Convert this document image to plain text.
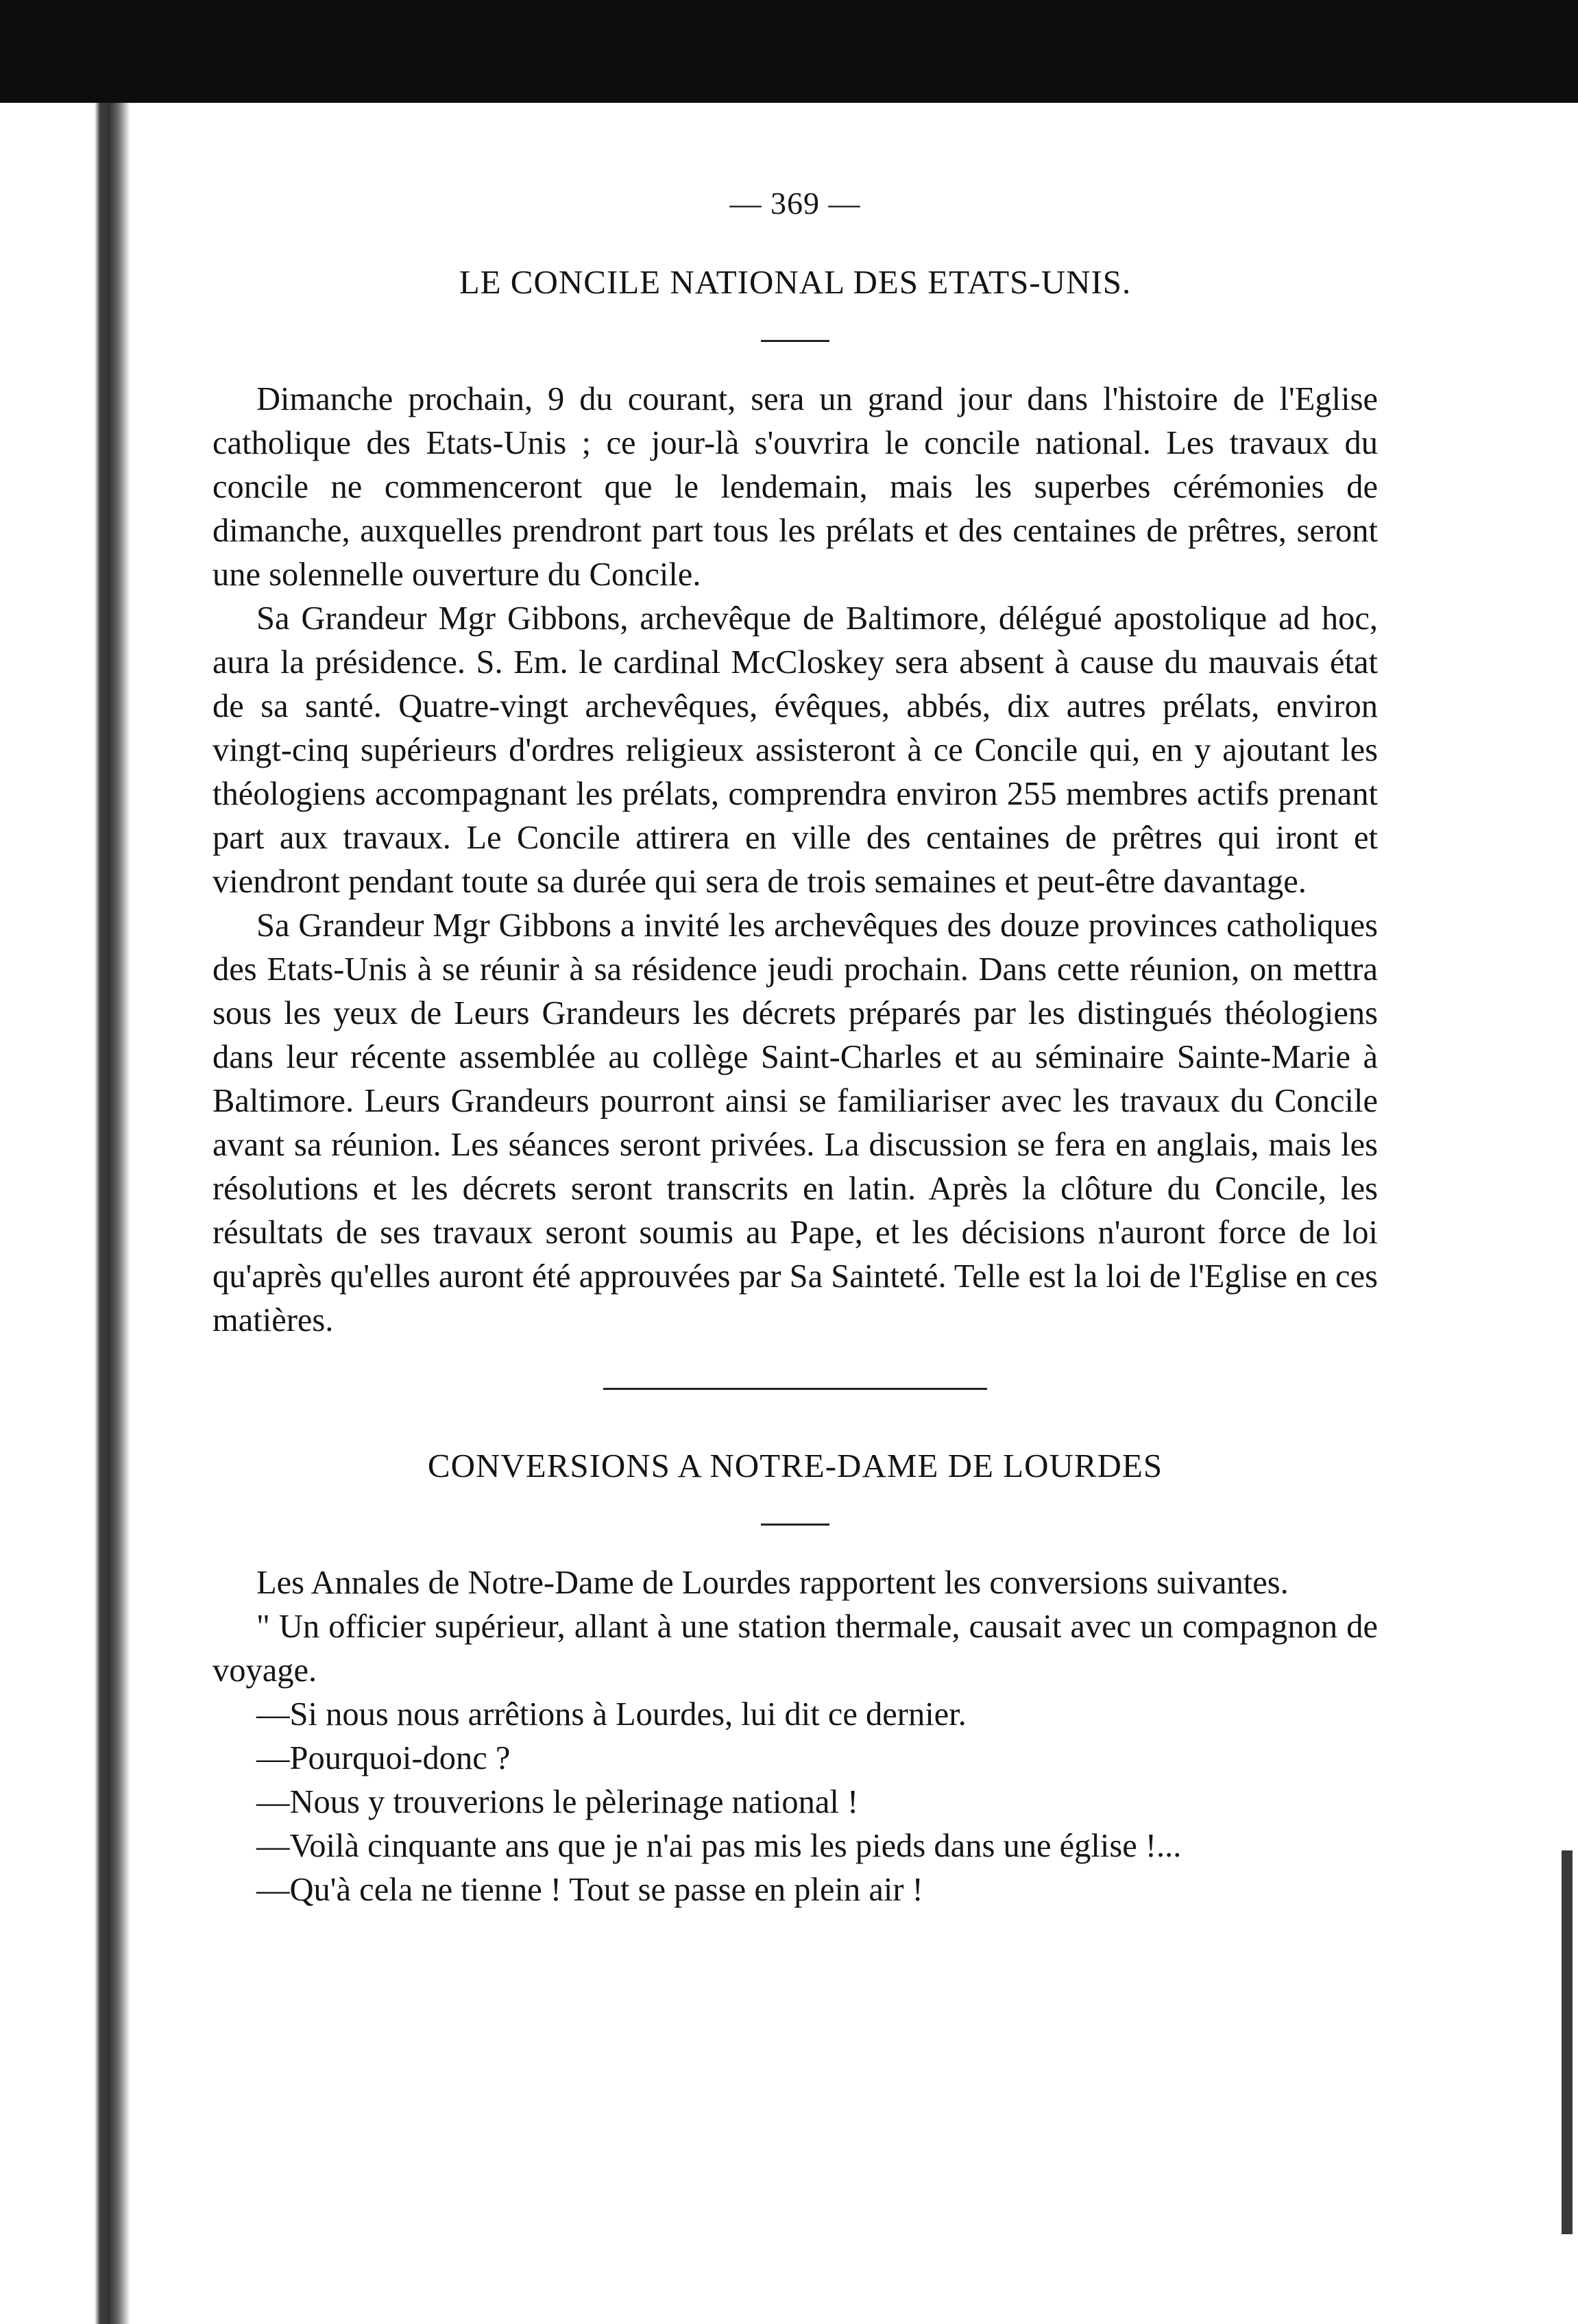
— 369 —
LE CONCILE NATIONAL DES ETATS-UNIS.

Dimanche prochain, 9 du courant, sera un grand jour dans l'histoire de l'Eglise catholique des Etats-Unis ; ce jour-là s'ouvrira le concile national. Les travaux du concile ne commenceront que le lendemain, mais les superbes cérémonies de dimanche, auxquelles prendront part tous les prélats et des centaines de prêtres, seront une solennelle ouverture du Concile.

Sa Grandeur Mgr Gibbons, archevêque de Baltimore, délégué apostolique ad hoc, aura la présidence. S. Em. le cardinal McCloskey sera absent à cause du mauvais état de sa santé. Quatre-vingt archevêques, évêques, abbés, dix autres prélats, environ vingt-cinq supérieurs d'ordres religieux assisteront à ce Concile qui, en y ajoutant les théologiens accompagnant les prélats, comprendra environ 255 membres actifs prenant part aux travaux. Le Concile attirera en ville des centaines de prêtres qui iront et viendront pendant toute sa durée qui sera de trois semaines et peut-être davantage.

Sa Grandeur Mgr Gibbons a invité les archevêques des douze provinces catholiques des Etats-Unis à se réunir à sa résidence jeudi prochain. Dans cette réunion, on mettra sous les yeux de Leurs Grandeurs les décrets préparés par les distingués théologiens dans leur récente assemblée au collège Saint-Charles et au séminaire Sainte-Marie à Baltimore. Leurs Grandeurs pourront ainsi se familiariser avec les travaux du Concile avant sa réunion. Les séances seront privées. La discussion se fera en anglais, mais les résolutions et les décrets seront transcrits en latin. Après la clôture du Concile, les résultats de ses travaux seront soumis au Pape, et les décisions n'auront force de loi qu'après qu'elles auront été approuvées par Sa Sainteté. Telle est la loi de l'Eglise en ces matières.

CONVERSIONS A NOTRE-DAME DE LOURDES

Les Annales de Notre-Dame de Lourdes rapportent les conversions suivantes.

" Un officier supérieur, allant à une station thermale, causait avec un compagnon de voyage.

—Si nous nous arrêtions à Lourdes, lui dit ce dernier.

—Pourquoi-donc ?

—Nous y trouverions le pèlerinage national !

—Voilà cinquante ans que je n'ai pas mis les pieds dans une église !...

—Qu'à cela ne tienne ! Tout se passe en plein air !
